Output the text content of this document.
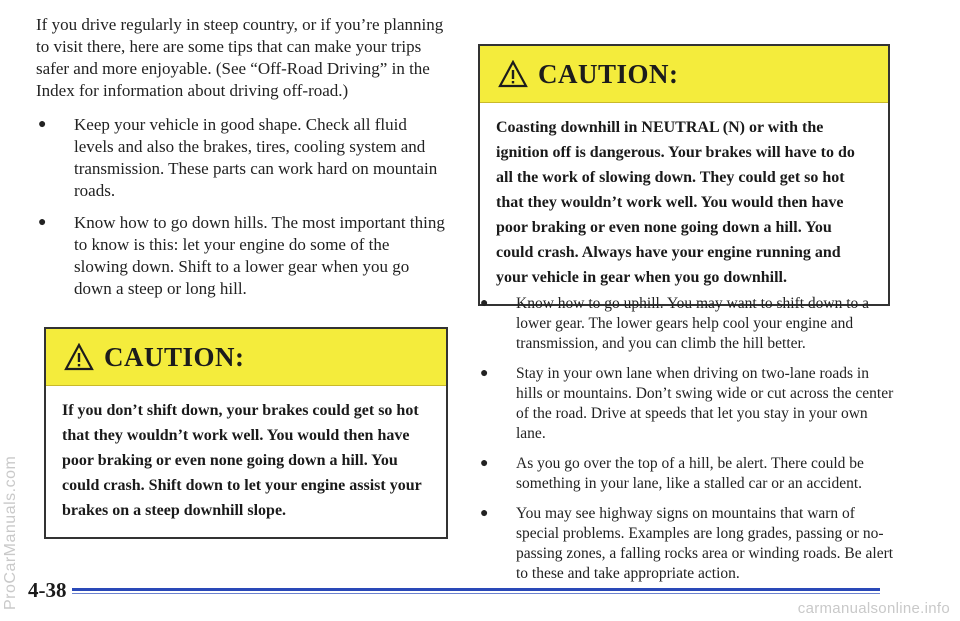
ProCarManuals.com

If you drive regularly in steep country, or if you’re planning to visit there, here are some tips that can make your trips safer and more enjoyable. (See “Off-Road Driving” in the Index for information about driving off-road.)

●	Keep your vehicle in good shape. Check all fluid levels and also the brakes, tires, cooling system and transmission. These parts can work hard on mountain roads.
●	Know how to go down hills. The most important thing to know is this: let your engine do some of the slowing down. Shift to a lower gear when you go down a steep or long hill.
CAUTION:
If you don’t shift down, your brakes could get so hot that they wouldn’t work well. You would then have poor braking or even none going down a hill. You could crash. Shift down to let your engine assist your brakes on a steep downhill slope.
CAUTION:
Coasting downhill in NEUTRAL (N) or with the ignition off is dangerous. Your brakes will have to do all the work of slowing down. They could get so hot that they wouldn’t work well. You would then have poor braking or even none going down a hill. You could crash. Always have your engine running and your vehicle in gear when you go downhill.
●	Know how to go uphill. You may want to shift down to a lower gear. The lower gears help cool your engine and transmission, and you can climb the hill better.
●	Stay in your own lane when driving on two-lane roads in hills or mountains. Don’t swing wide or cut across the center of the road. Drive at speeds that let you stay in your own lane.
●	As you go over the top of a hill, be alert. There could be something in your lane, like a stalled car or an accident.
●	You may see highway signs on mountains that warn of special problems. Examples are long grades, passing or no-passing zones, a falling rocks area or winding roads. Be alert to these and take appropriate action.
4-38
carmanualsonline.info
